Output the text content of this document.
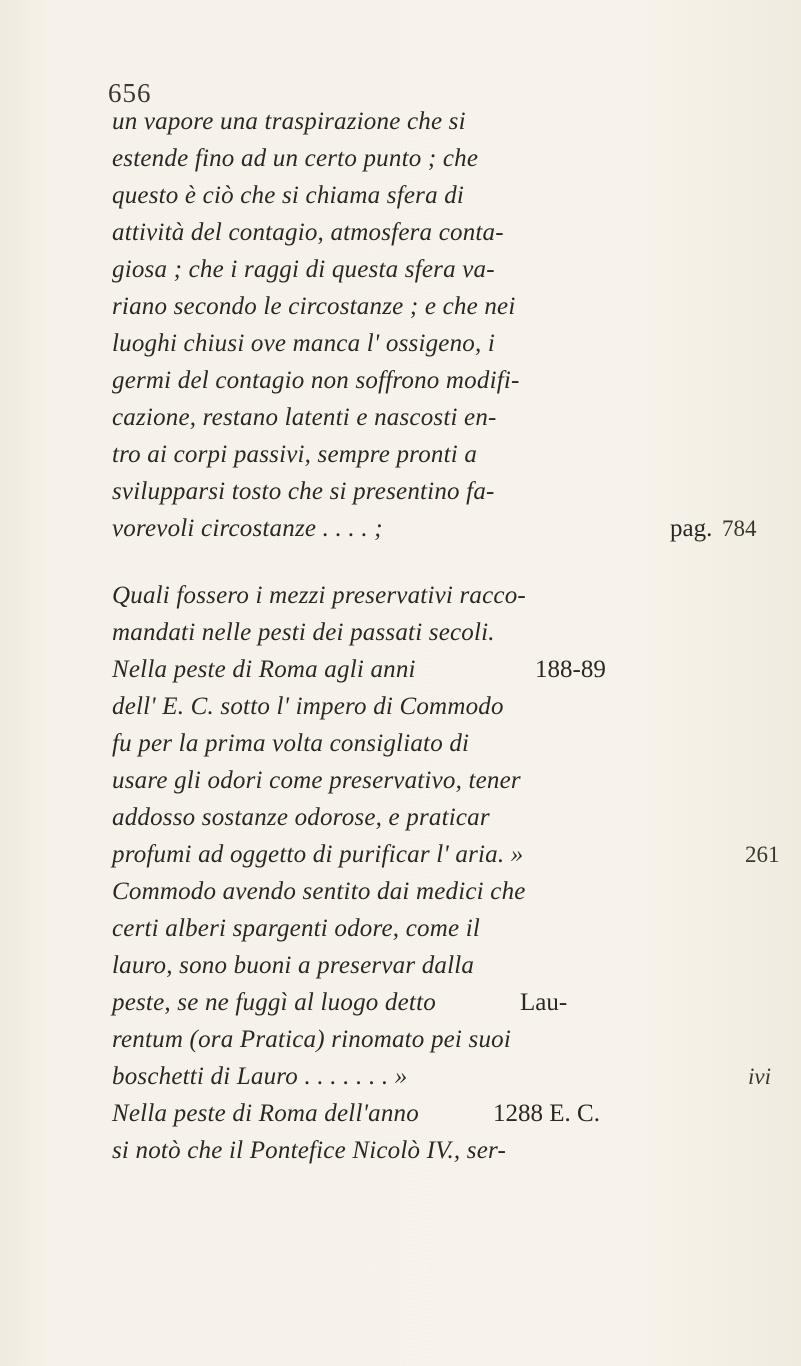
656
un vapore una traspirazione che si
estende fino ad un certo punto ; che
questo è ciò che si chiama sfera di
attività del contagio, atmosfera conta-
giosa ; che i raggi di questa sfera va-
riano secondo le circostanze ; e che nei
luoghi chiusi ove manca l' ossigeno, i
germi del contagio non soffrono modifi-
cazione, restano latenti e nascosti en-
tro ai corpi passivi, sempre pronti a
svilupparsi tosto che si presentino fa-
vorevoli circostanze . . . . ;	pag. 784
Quali fossero i mezzi preservativi racco-
mandati nelle pesti dei passati secoli.
Nella peste di Roma agli anni	188-89
dell' E. C. sotto l' impero di Commodo
fu per la prima volta consigliato di
usare gli odori come preservativo, tener
addosso sostanze odorose, e praticar
profumi ad oggetto di purificar l' aria. »	261
Commodo avendo sentito dai medici che
certi alberi spargenti odore, come il
lauro, sono buoni a preservar dalla
peste, se ne fuggì al luogo detto	Lau-
rentum (ora Pratica) rinomato pei suoi
boschetti di Lauro . . . . . . . »	ivi
Nella peste di Roma dell'anno	1288 E. C.
si notò che il Pontefice Nicolò IV., ser-
